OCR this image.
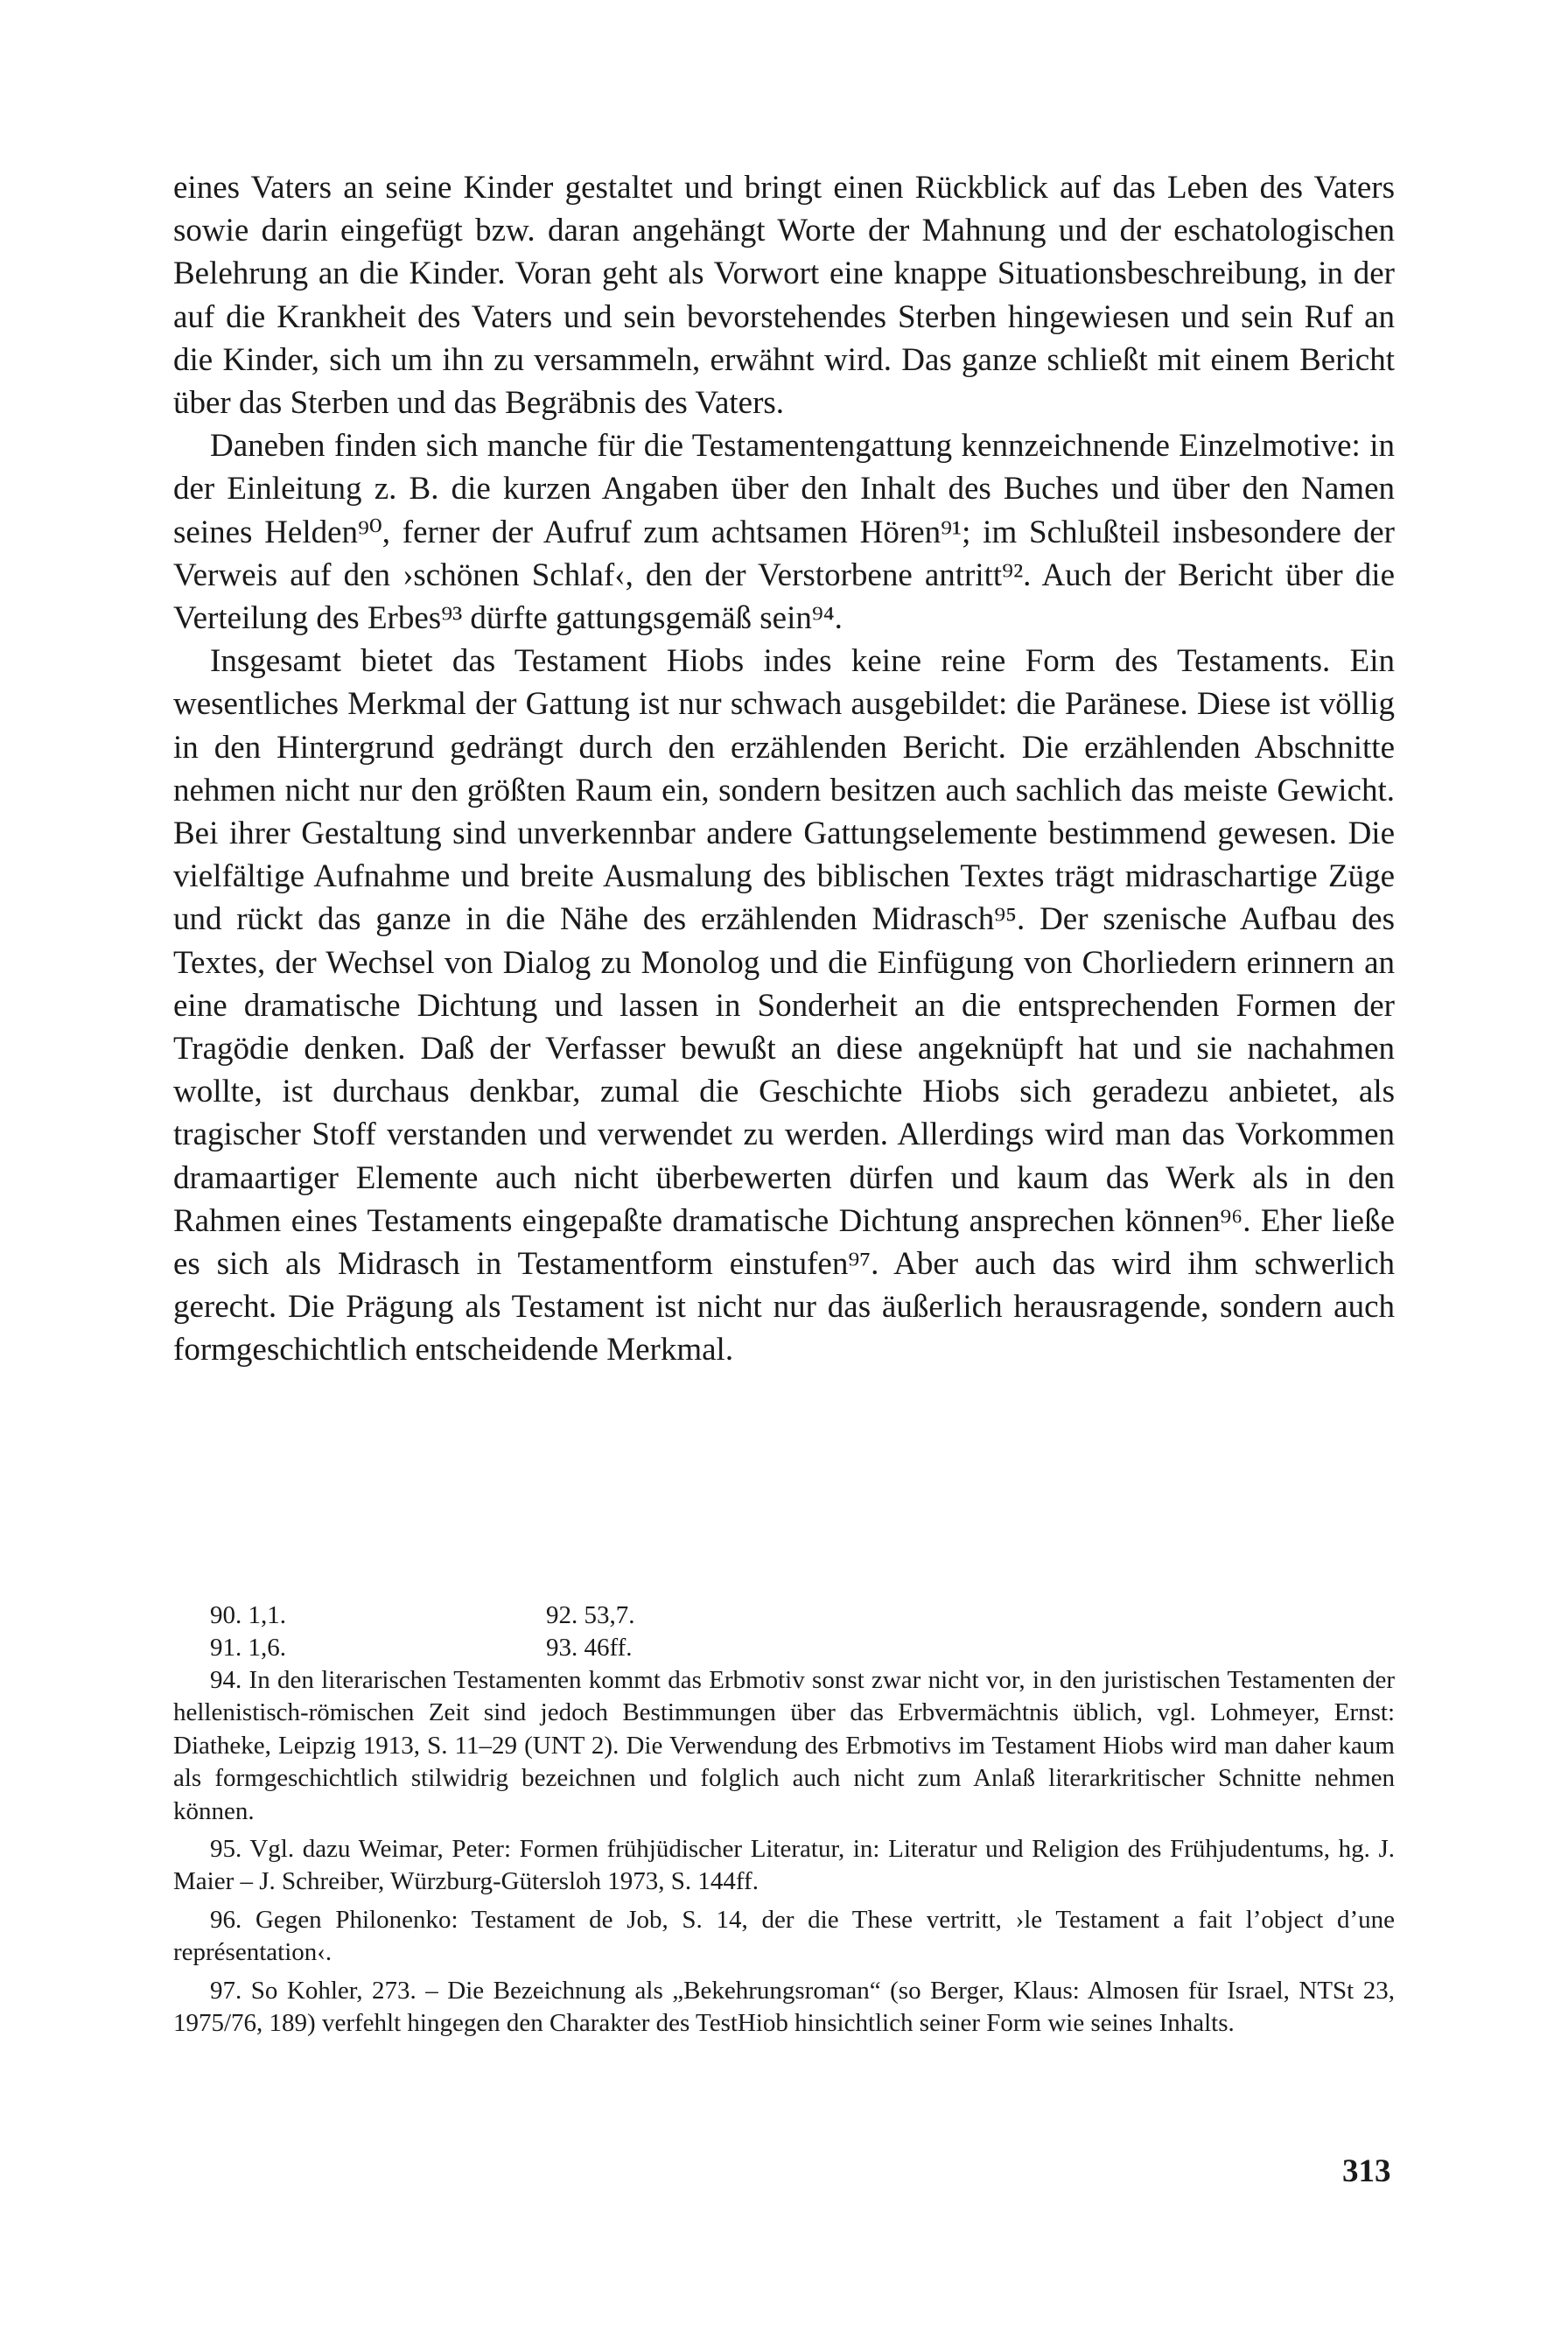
eines Vaters an seine Kinder gestaltet und bringt einen Rückblick auf das Leben des Vaters sowie darin eingefügt bzw. daran angehängt Worte der Mahnung und der eschatologischen Belehrung an die Kinder. Voran geht als Vorwort eine knappe Situationsbeschreibung, in der auf die Krankheit des Vaters und sein bevorstehendes Sterben hingewiesen und sein Ruf an die Kinder, sich um ihn zu versammeln, erwähnt wird. Das ganze schließt mit einem Bericht über das Sterben und das Begräbnis des Vaters.

Daneben finden sich manche für die Testamentengattung kennzeichnende Einzelmotive: in der Einleitung z. B. die kurzen Angaben über den Inhalt des Buches und über den Namen seines Helden⁹⁰, ferner der Aufruf zum achtsamen Hören⁹¹; im Schlußteil insbesondere der Verweis auf den ›schönen Schlaf‹, den der Verstorbene antritt⁹². Auch der Bericht über die Verteilung des Erbes⁹³ dürfte gattungsgemäß sein⁹⁴.

Insgesamt bietet das Testament Hiobs indes keine reine Form des Testaments. Ein wesentliches Merkmal der Gattung ist nur schwach ausgebildet: die Paränese. Diese ist völlig in den Hintergrund gedrängt durch den erzählenden Bericht. Die erzählenden Abschnitte nehmen nicht nur den größten Raum ein, sondern besitzen auch sachlich das meiste Gewicht. Bei ihrer Gestaltung sind unverkennbar andere Gattungselemente bestimmend gewesen. Die vielfältige Aufnahme und breite Ausmalung des biblischen Textes trägt midraschartige Züge und rückt das ganze in die Nähe des erzählenden Midrasch⁹⁵. Der szenische Aufbau des Textes, der Wechsel von Dialog zu Monolog und die Einfügung von Chorliedern erinnern an eine dramatische Dichtung und lassen in Sonderheit an die entsprechenden Formen der Tragödie denken. Daß der Verfasser bewußt an diese angeknüpft hat und sie nachahmen wollte, ist durchaus denkbar, zumal die Geschichte Hiobs sich geradezu anbietet, als tragischer Stoff verstanden und verwendet zu werden. Allerdings wird man das Vorkommen dramaartiger Elemente auch nicht überbewerten dürfen und kaum das Werk als in den Rahmen eines Testaments eingepaßte dramatische Dichtung ansprechen können⁹⁶. Eher ließe es sich als Midrasch in Testamentform einstufen⁹⁷. Aber auch das wird ihm schwerlich gerecht. Die Prägung als Testament ist nicht nur das äußerlich herausragende, sondern auch formgeschichtlich entscheidende Merkmal.

90. 1,1.	92. 53,7.
91. 1,6.	93. 46ff.

94. In den literarischen Testamenten kommt das Erbmotiv sonst zwar nicht vor, in den juristischen Testamenten der hellenistisch-römischen Zeit sind jedoch Bestimmungen über das Erbvermächtnis üblich, vgl. Lohmeyer, Ernst: Diatheke, Leipzig 1913, S. 11–29 (UNT 2). Die Verwendung des Erbmotivs im Testament Hiobs wird man daher kaum als formgeschichtlich stilwidrig bezeichnen und folglich auch nicht zum Anlaß literarkritischer Schnitte nehmen können.

95. Vgl. dazu Weimar, Peter: Formen frühjüdischer Literatur, in: Literatur und Religion des Frühjudentums, hg. J. Maier – J. Schreiber, Würzburg-Gütersloh 1973, S. 144ff.

96. Gegen Philonenko: Testament de Job, S. 14, der die These vertritt, ›le Testament a fait l’object d’une représentation‹.

97. So Kohler, 273. – Die Bezeichnung als „Bekehrungsroman“ (so Berger, Klaus: Almosen für Israel, NTSt 23, 1975/76, 189) verfehlt hingegen den Charakter des TestHiob hinsichtlich seiner Form wie seines Inhalts.

313
